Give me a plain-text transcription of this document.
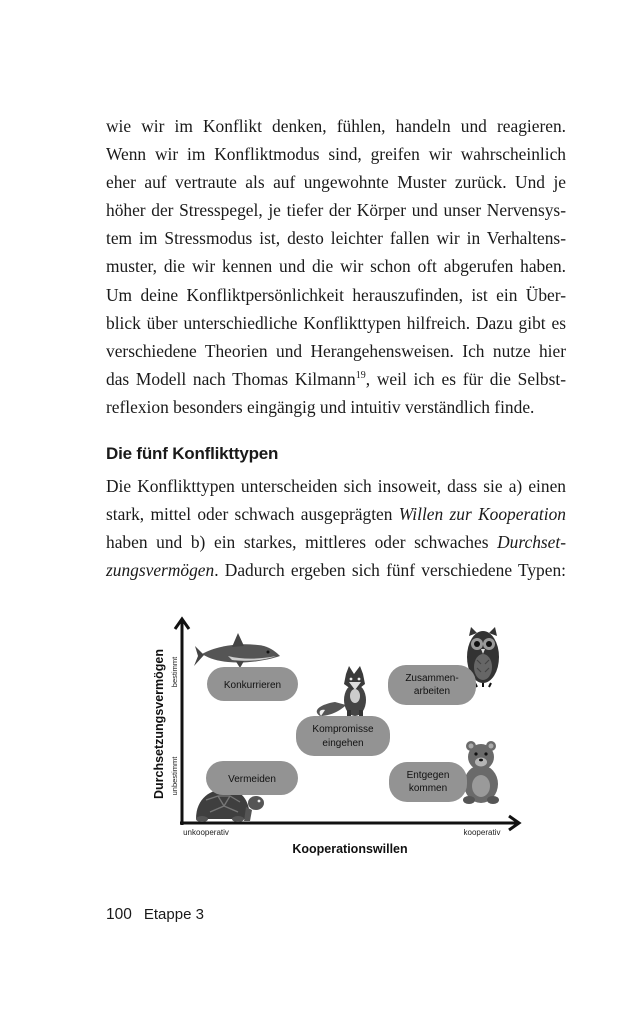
wie wir im Konflikt denken, fühlen, handeln und reagieren.
Wenn wir im Konfliktmodus sind, greifen wir wahrscheinlich
eher auf vertraute als auf ungewohnte Muster zurück. Und je
höher der Stresspegel, je tiefer der Körper und unser Nervensys-
tem im Stressmodus ist, desto leichter fallen wir in Verhaltens-
muster, die wir kennen und die wir schon oft abgerufen haben.
Um deine Konfliktpersönlichkeit herauszufinden, ist ein Über-
blick über unterschiedliche Konflikttypen hilfreich. Dazu gibt es
verschiedene Theorien und Herangehensweisen. Ich nutze hier
das Modell nach Thomas Kilmann$^{19}$, weil ich es für die Selbst-
reflexion besonders eingängig und intuitiv verständlich finde.
Die fünf Konflikttypen
Die Konflikttypen unterscheiden sich insoweit, dass sie a) einen
stark, mittel oder schwach ausgeprägten Willen zur Kooperation
haben und b) ein starkes, mittleres oder schwaches Durchset-
zungsvermögen. Dadurch ergeben sich fünf verschiedene Typen:
Durchsetzungsvermögen bestimmt
unbestimmt
unkooperativ	kooperativ
Kooperationswillen
Konkurrieren
Zusammen-
arbeiten
Kompromisse
eingehen
Vermeiden	Entgegen
kommen
100 Etappe 3
